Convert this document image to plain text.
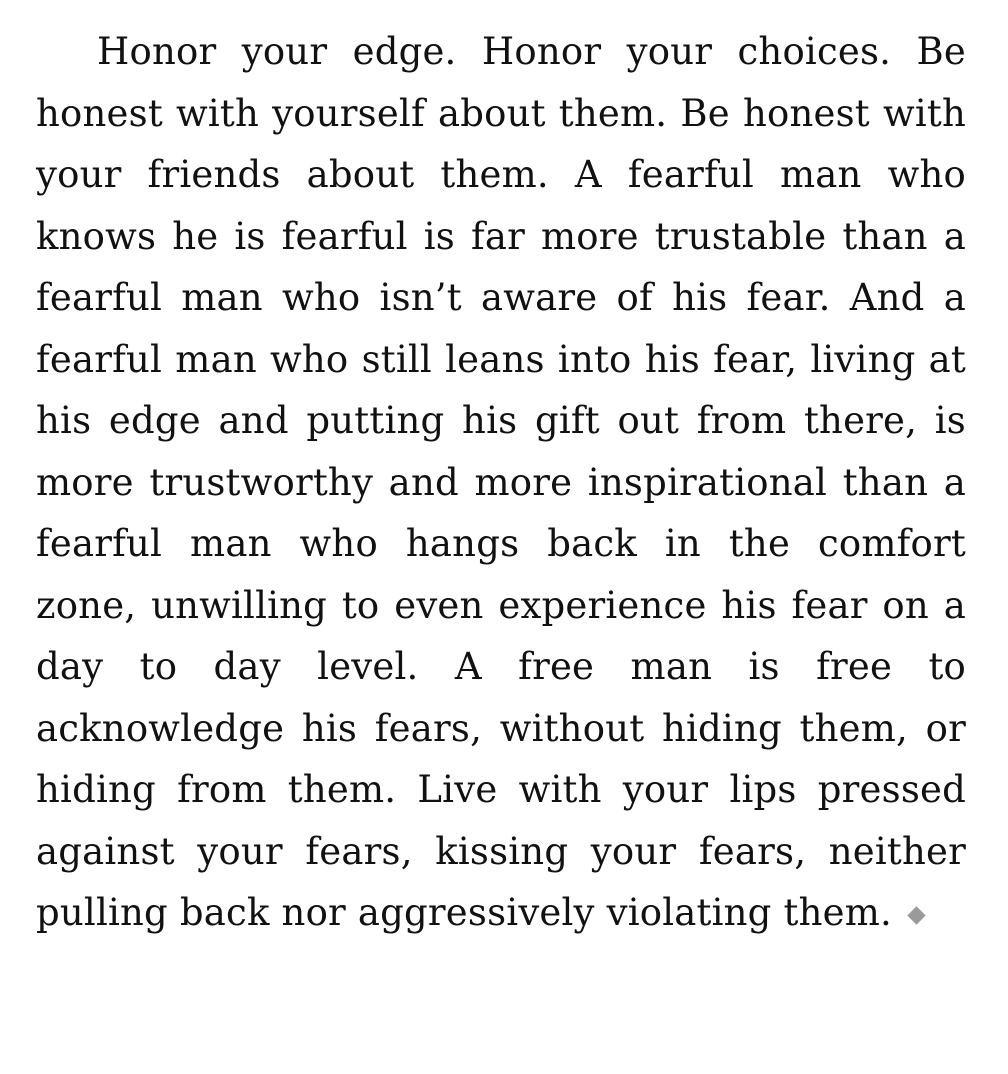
Honor your edge. Honor your choices. Be honest with yourself about them. Be honest with your friends about them. A fearful man who knows he is fearful is far more trustable than a fearful man who isn’t aware of his fear. And a fearful man who still leans into his fear, living at his edge and putting his gift out from there, is more trustworthy and more inspirational than a fearful man who hangs back in the comfort zone, unwilling to even experience his fear on a day to day level. A free man is free to acknowledge his fears, without hiding them, or hiding from them. Live with your lips pressed against your fears, kissing your fears, neither pulling back nor aggressively violating them.
